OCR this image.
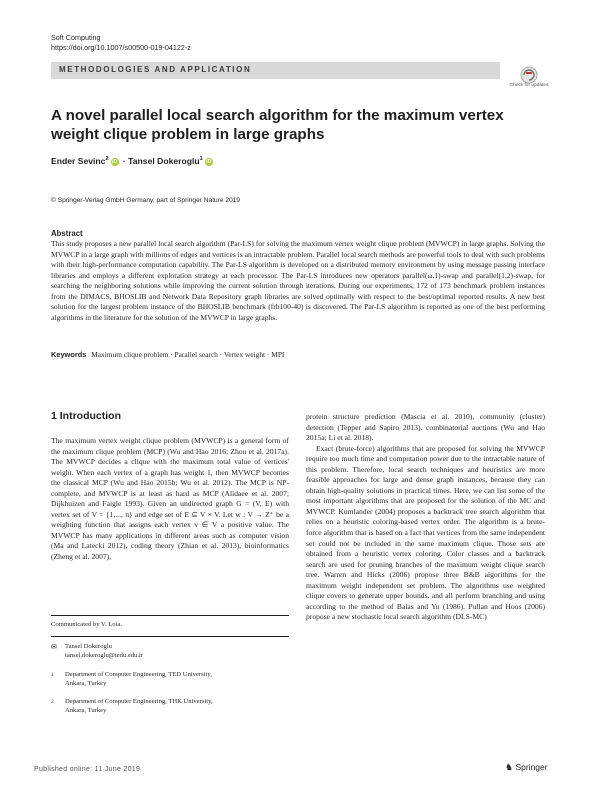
Soft Computing
https://doi.org/10.1007/s00500-019-04122-z
METHODOLOGIES AND APPLICATION
Check for updates
A novel parallel local search algorithm for the maximum vertex weight clique problem in large graphs
Ender Sevinc$^2$ iD · Tansel Dokeroglu$^1$ iD
© Springer-Verlag GmbH Germany, part of Springer Nature 2019
Abstract
This study proposes a new parallel local search algorithm (Par-LS) for solving the maximum vertex weight clique problem (MVWCP) in large graphs. Solving the MVWCP in a large graph with millions of edges and vertices is an intractable problem. Parallel local search methods are powerful tools to deal with such problems with their high-performance computation capability. The Par-LS algorithm is developed on a distributed memory environment by using message passing interface libraries and employs a different exploration strategy at each processor. The Par-LS introduces new operators parallel(ω,1)-swap and parallel(1,2)-swap, for searching the neighboring solutions while improving the current solution through iterations. During our experiments, 172 of 173 benchmark problem instances from the DIMACS, BHOSLIB and Network Data Repository graph libraries are solved optimally with respect to the best/optimal reported results. A new best solution for the largest problem instance of the BHOSLIB benchmark (frb100-40) is discovered. The Par-LS algorithm is reported as one of the best performing algorithms in the literature for the solution of the MVWCP in large graphs.
Keywords Maximum clique problem · Parallel search · Vertex weight · MPI
1 Introduction
The maximum vertex weight clique problem (MVWCP) is a general form of the maximum clique problem (MCP) (Wu and Hao 2016; Zhou et al. 2017a). The MVWCP decides a clique with the maximum total value of vertices' weight. When each vertex of a graph has weight 1, then MVWCP becomes the classical MCP (Wu and Hao 2015b; Wu et al. 2012). The MCP is NP-complete, and MVWCP is at least as hard as MCP (Alidaee et al. 2007; Dijkhuizen and Faigle 1993). Given an undirected graph G = (V, E) with vertex set of V = {1,..., n} and edge set of E ⊆ V × V. Let w : V → Z⁺ be a weighting function that assigns each vertex v ∈ V a positive value. The MVWCP has many applications in different areas such as computer vision (Ma and Latecki 2012), coding theory (Zhian et al. 2013), bioinformatics (Zheng et al. 2007),

protein structure prediction (Mascia et al. 2010), community (cluster) detection (Tepper and Sapiro 2013), combinatorial auctions (Wu and Hao 2015a; Li et al. 2018).

Exact (brute-force) algorithms that are proposed for solving the MVWCP require too much time and computation power due to the intractable nature of this problem. Therefore, local search techniques and heuristics are more feasible approaches for large and dense graph instances, because they can obtain high-quality solutions in practical times. Here, we can list some of the most important algorithms that are proposed for the solution of the MC and MVWCP. Kumlander (2004) proposes a backtrack tree search algorithm that relies on a heuristic coloring-based vertex order. The algorithm is a brute-force algorithm that is based on a fact that vertices from the same independent set could not be included in the same maximum clique. Those sets are obtained from a heuristic vertex coloring. Color classes and a backtrack search are used for pruning branches of the maximum weight clique search tree. Warren and Hicks (2006) propose three B&B algorithms for the maximum weight independent set problem. The algorithms use weighted clique covers to generate upper bounds, and all perform branching and using according to the method of Balas and Yu (1986). Pullan and Hoos (2006) propose a new stochastic local search algorithm (DLS-MC)

Communicated by V. Loia.
✉ Tansel Dokeroglu
tansel.dokeroglu@tedu.edu.tr
1 Department of Computer Engineering, TED University, Ankara, Turkey
2 Department of Computer Engineering, THK University, Ankara, Turkey
Published online: 11 June 2019	♞ Springer
